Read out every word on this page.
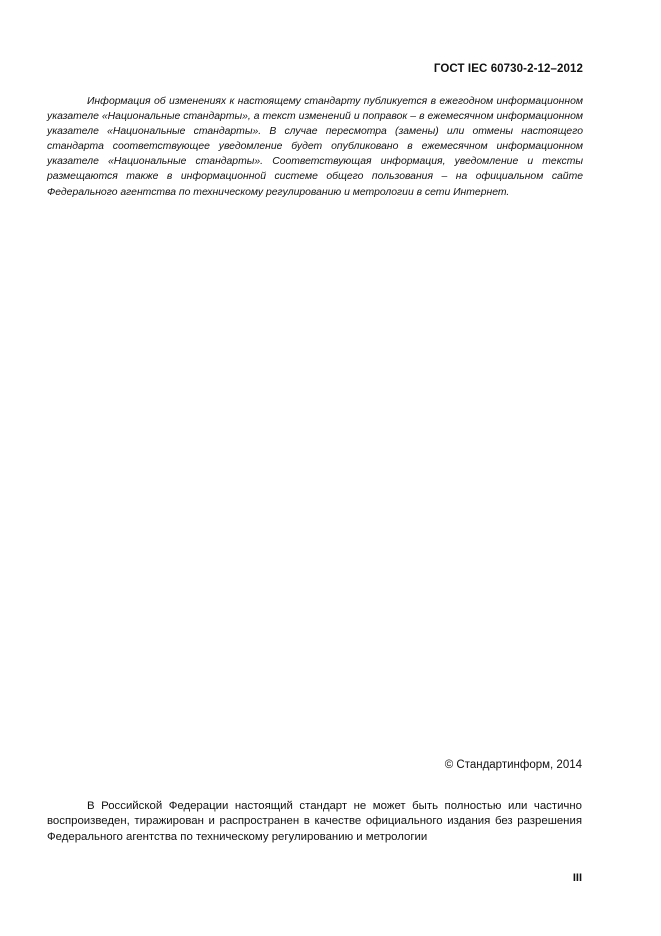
ГОСТ IEC 60730-2-12–2012

Информация об изменениях к настоящему стандарту публикуется в ежегодном информационном указателе «Национальные стандарты», а текст изменений и поправок – в ежемесячном информационном указателе «Национальные стандарты». В случае пересмотра (замены) или отмены настоящего стандарта соответствующее уведомление будет опубликовано в ежемесячном информационном указателе «Национальные стандарты». Соответствующая информация, уведомление и тексты размещаются также в информационной системе общего пользования – на официальном сайте Федерального агентства по техническому регулированию и метрологии в сети Интернет.

© Стандартинформ, 2014

В Российской Федерации настоящий стандарт не может быть полностью или частично воспроизведен, тиражирован и распространен в качестве официального издания без разрешения Федерального агентства по техническому регулированию и метрологии

III
